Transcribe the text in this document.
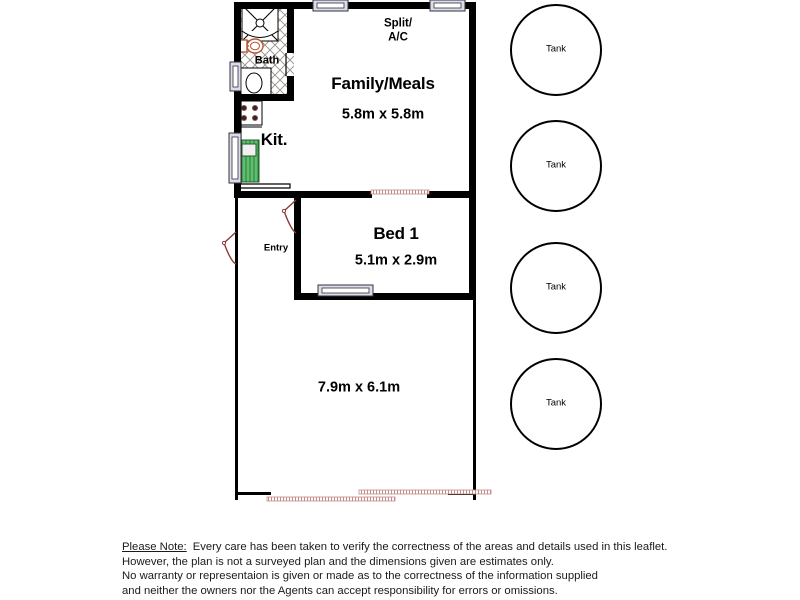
Split/
A/C
Family/Meals
5.8m x 5.8m
Bath
Kit.
Bed 1
5.1m x 2.9m
Entry
7.9m x 6.1m
Tank
Tank
Tank
Tank
Please Note: Every care has been taken to verify the correctness of the areas and details used in this leaflet.
However, the plan is not a surveyed plan and the dimensions given are estimates only.
No warranty or representaion is given or made as to the correctness of the information supplied
and neither the owners nor the Agents can accept responsibility for errors or omissions.
